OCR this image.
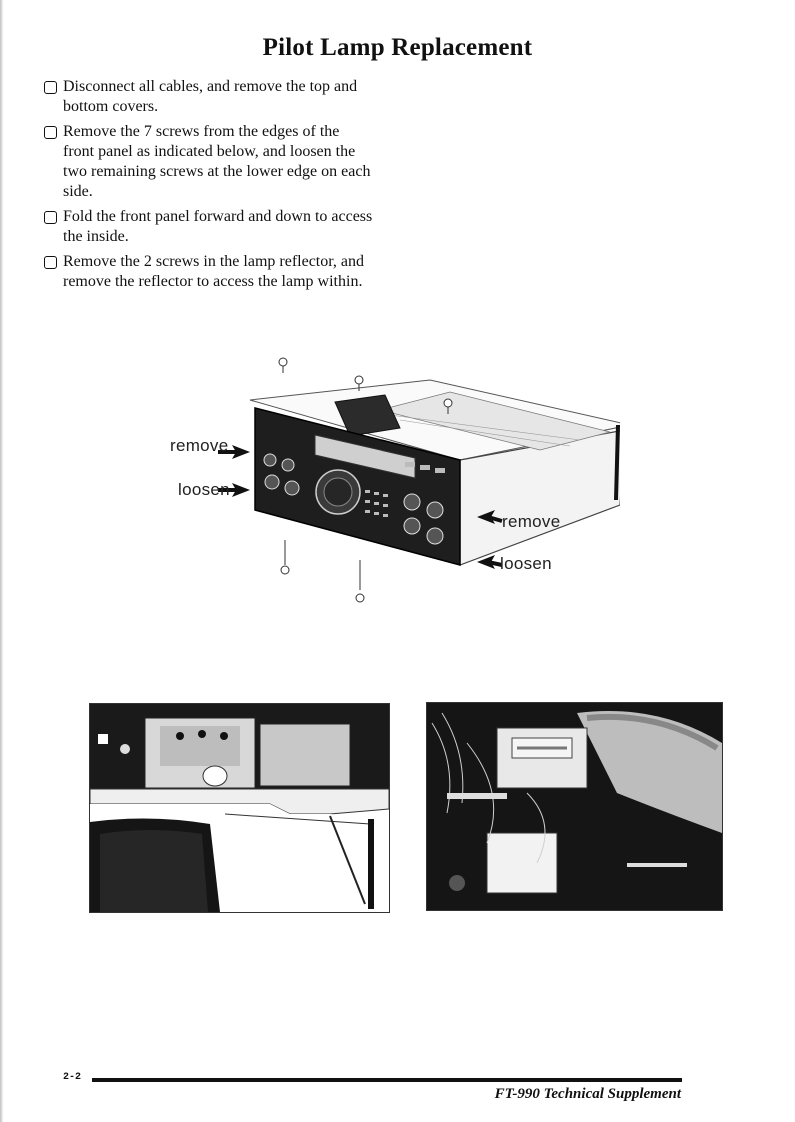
Pilot Lamp Replacement
Disconnect all cables, and remove the top and bottom covers.
Remove the 7 screws from the edges of the front panel as indicated below, and loosen the two remaining screws at the lower edge on each side.
Fold the front panel forward and down to access the inside.
Remove the 2 screws in the lamp reflector, and remove the reflector to access the lamp within.
remove
loosen
remove
loosen
2-2
FT-990 Technical Supplement
